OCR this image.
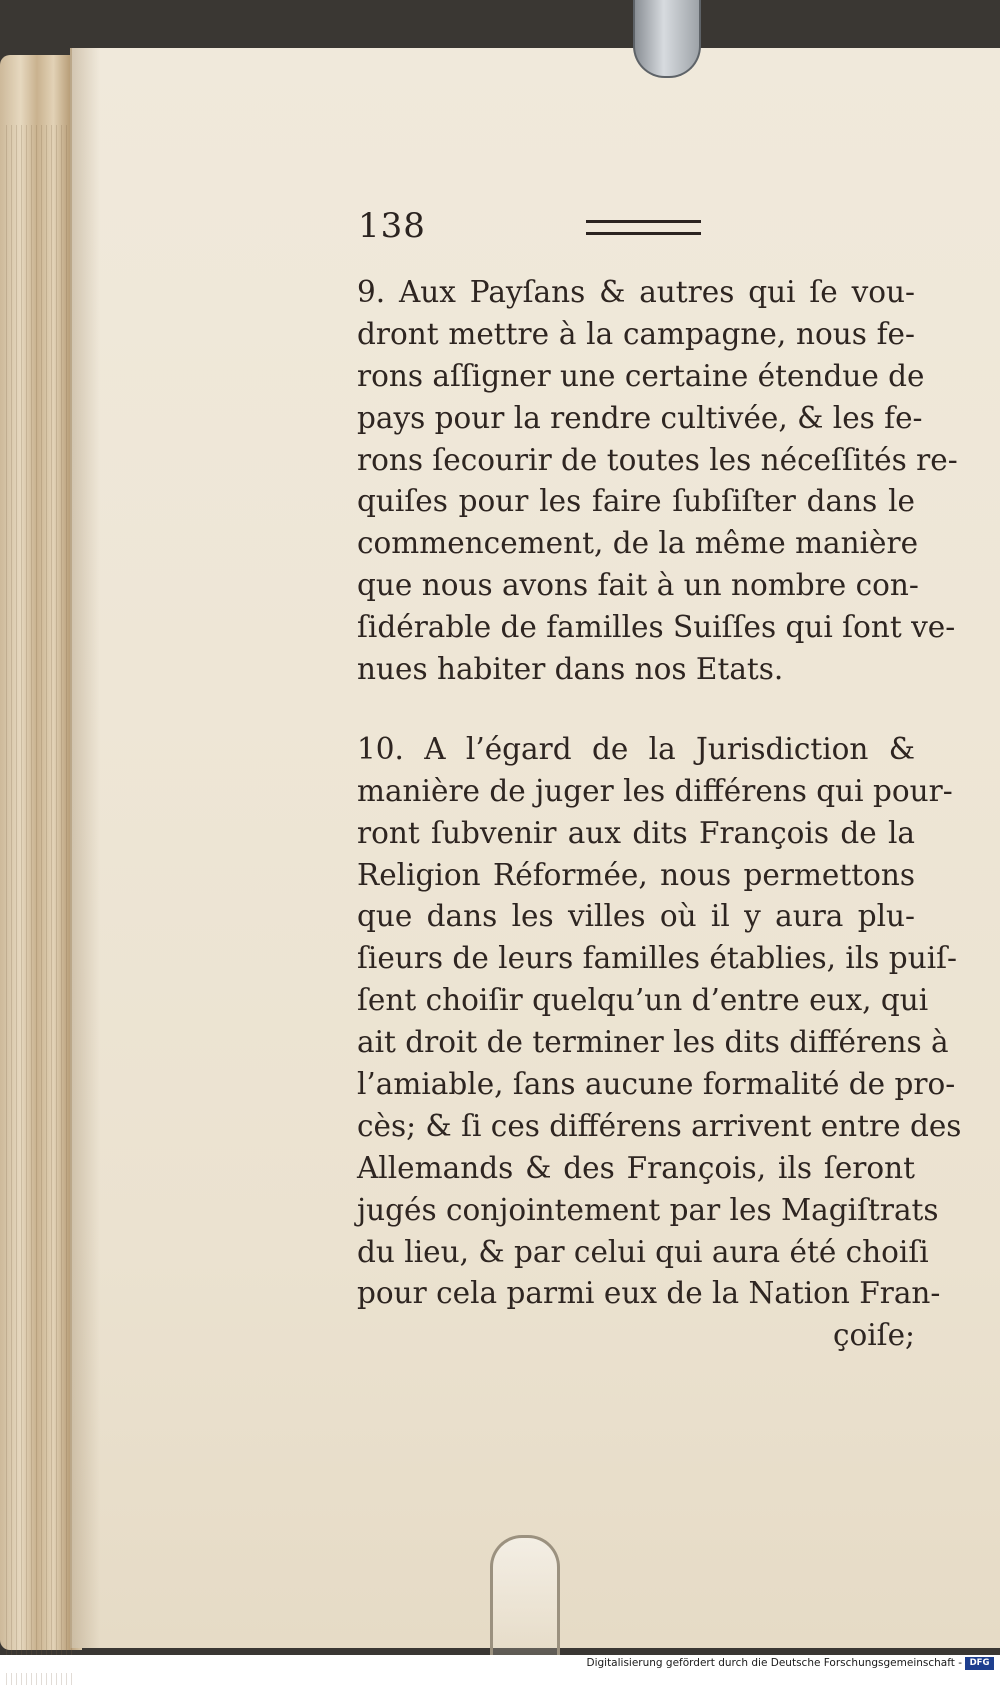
138
9. Aux Payſans & autres qui ſe vou-
dront mettre à la campagne, nous fe-
rons aſſigner une certaine étendue de
pays pour la rendre cultivée, & les fe-
rons ſecourir de toutes les néceſſités re-
quiſes pour les faire ſubſiſter dans le
commencement, de la même manière
que nous avons fait à un nombre con-
ſidérable de familles Suiſſes qui ſont ve-
nues habiter dans nos Etats.
10. A l’égard de la Jurisdiction &
manière de juger les différens qui pour-
ront ſubvenir aux dits François de la
Religion Réformée, nous permettons
que dans les villes où il y aura plu-
ſieurs de leurs familles établies, ils puiſ-
ſent choiſir quelqu’un d’entre eux, qui
ait droit de terminer les dits différens à
l’amiable, ſans aucune formalité de pro-
cès; & ſi ces différens arrivent entre des
Allemands & des François, ils ſeront
jugés conjointement par les Magiſtrats
du lieu, & par celui qui aura été choiſi
pour cela parmi eux de la Nation Fran-
çoiſe;
Digitalisierung gefördert durch die Deutsche Forschungsgemeinschaft - DFG
